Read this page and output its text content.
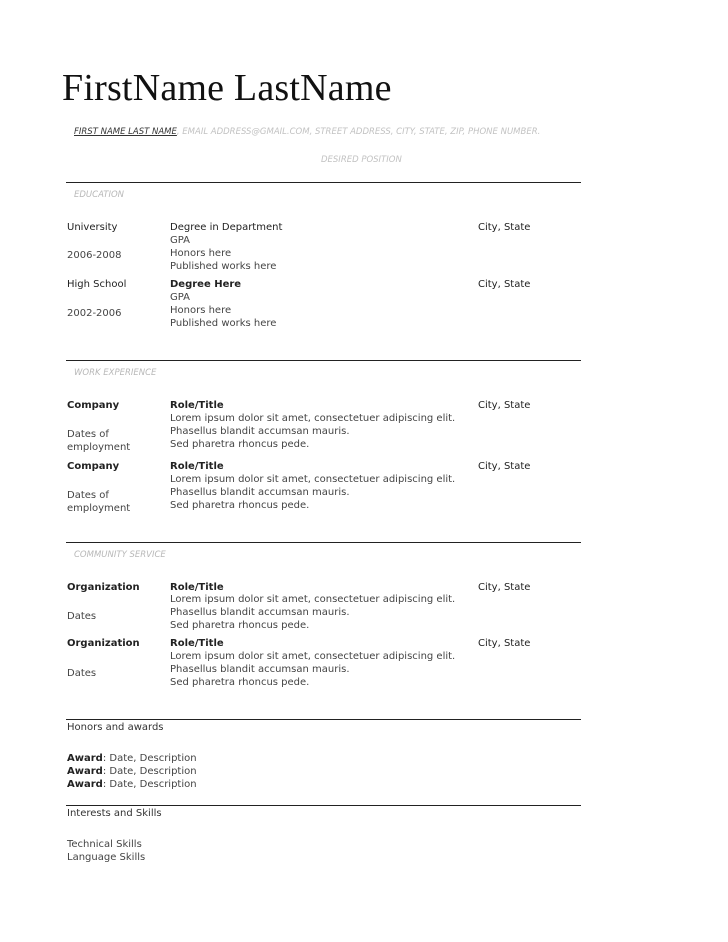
FirstName LastName
FIRST NAME LAST NAME, EMAIL ADDRESS@GMAIL.COM, STREET ADDRESS, CITY, STATE, ZIP, PHONE NUMBER.
DESIRED POSITION
EDUCATION
University
2006-2008
Degree in Department
GPA
Honors here
Published works here
City, State
High School
2002-2006
Degree Here
GPA
Honors here
Published works here
City, State
WORK EXPERIENCE
Company
Dates of
employment
Role/Title
Lorem ipsum dolor sit amet, consectetuer adipiscing elit.
Phasellus blandit accumsan mauris.
Sed pharetra rhoncus pede.
City, State
Company
Dates of
employment
Role/Title
Lorem ipsum dolor sit amet, consectetuer adipiscing elit.
Phasellus blandit accumsan mauris.
Sed pharetra rhoncus pede.
City, State
COMMUNITY SERVICE
Organization
Dates
Role/Title
Lorem ipsum dolor sit amet, consectetuer adipiscing elit.
Phasellus blandit accumsan mauris.
Sed pharetra rhoncus pede.
City, State
Organization
Dates
Role/Title
Lorem ipsum dolor sit amet, consectetuer adipiscing elit.
Phasellus blandit accumsan mauris.
Sed pharetra rhoncus pede.
City, State
Honors and awards
Award: Date, Description
Award: Date, Description
Award: Date, Description
Interests and Skills
Technical Skills
Language Skills
